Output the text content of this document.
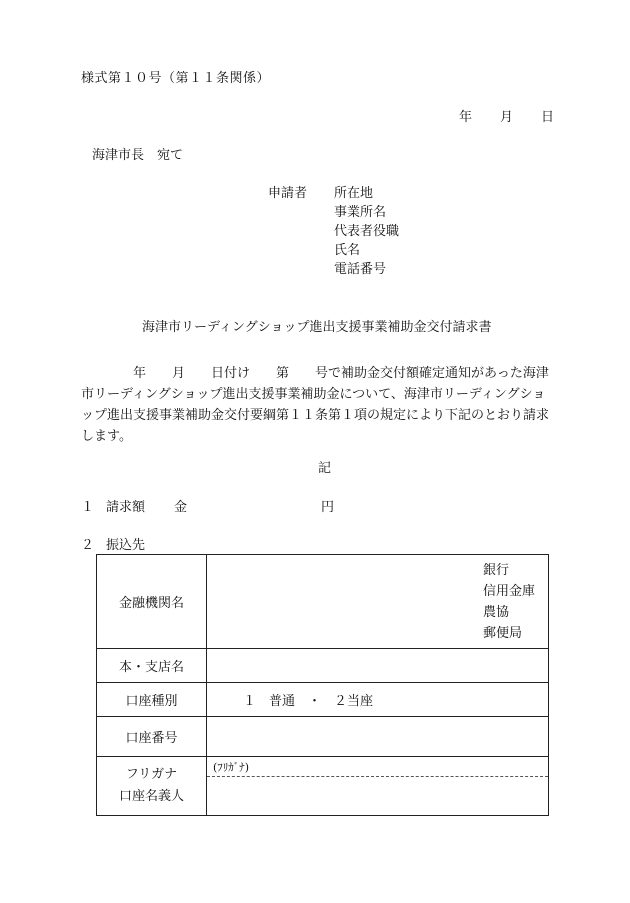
様式第１０号（第１１条関係）
年 月 日
海津市長　宛て
申請者 所在地
事業所名
代表者役職
氏名
電話番号
海津市リーディングショップ進出支援事業補助金交付請求書
年　　月　　日付け　　第　　号で補助金交付額確定通知があった海津
市リーディングショップ進出支援事業補助金について、海津市リーディングショ
ップ進出支援事業補助金交付要綱第１１条第１項の規定により下記のとおり請求
します。
記
１ 請求額 金	円
２ 振込先
金融機関名	銀行
信用金庫
農協
郵便局

本・支店名	
口座種別	１　普通　・　２当座
口座番号	

フリガナ
口座名義人	(ﾌﾘｶﾞﾅ)
